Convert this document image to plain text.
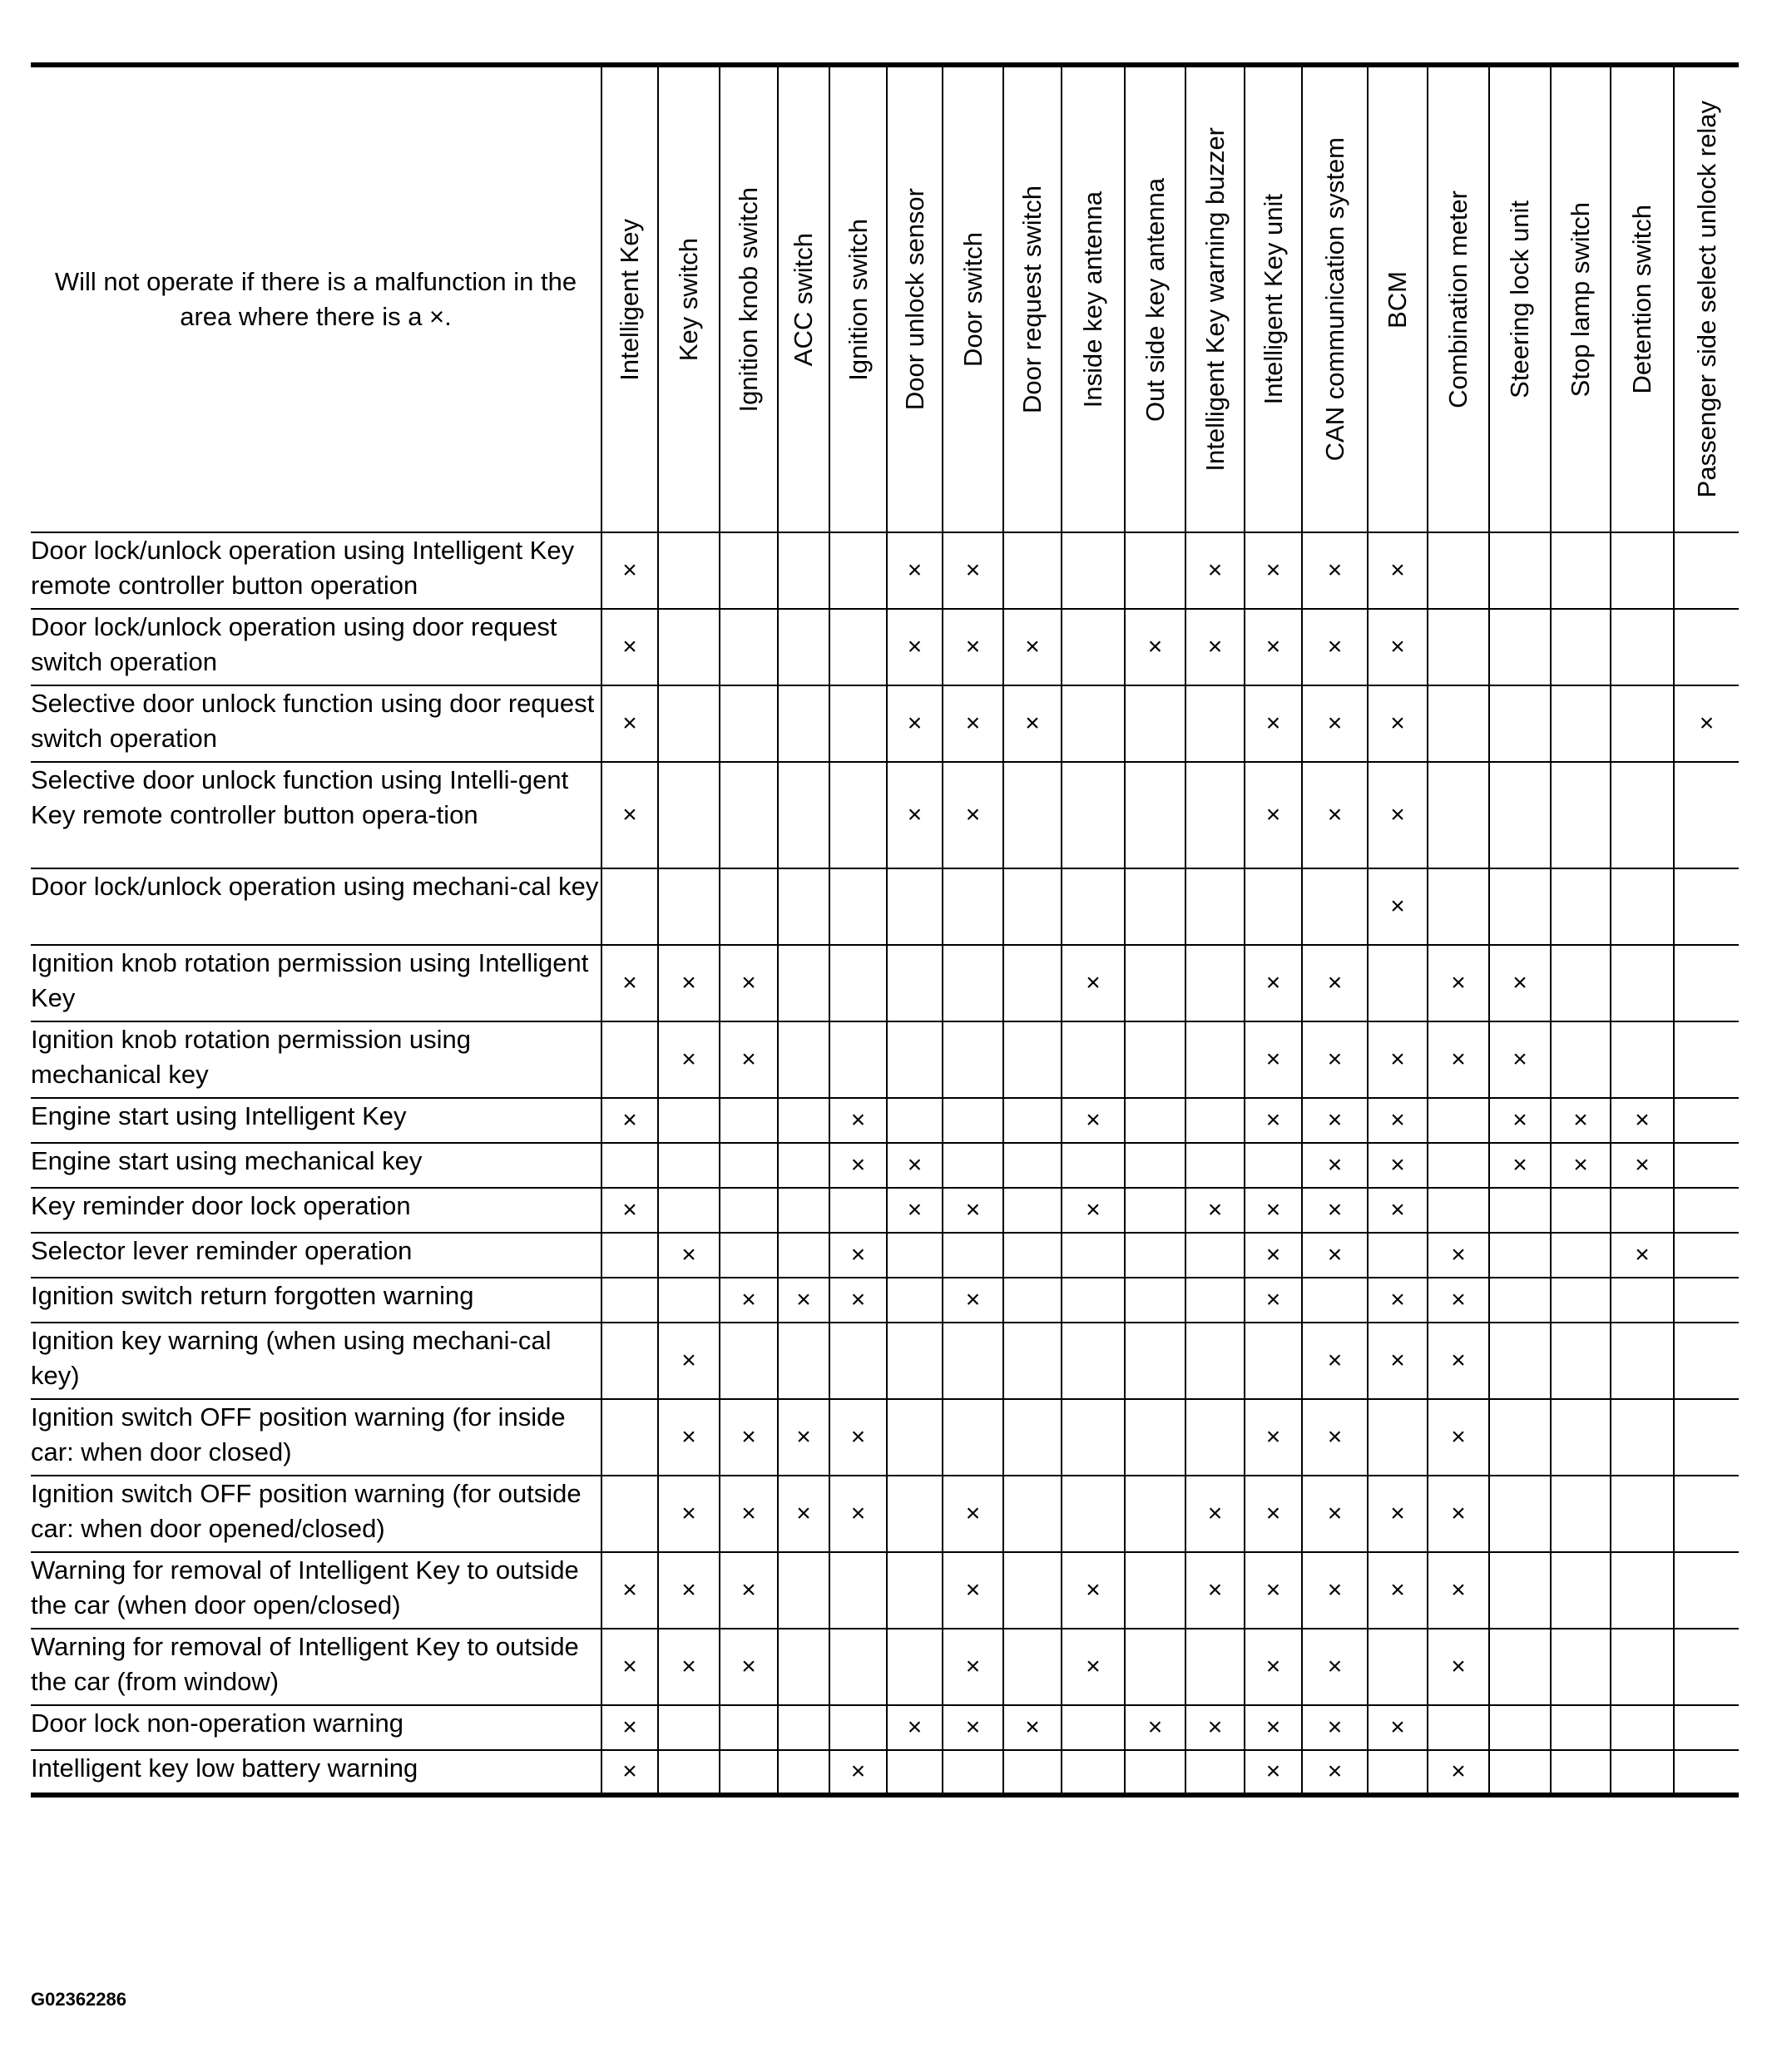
Will not operate if there is a malfunction in the area where there is a ×.	Intelligent Key	Key switch	Ignition knob switch	ACC switch	Ignition switch	Door unlock sensor	Door switch	Door request switch	Inside key antenna	Out side key antenna	Intelligent Key warning buzzer	Intelligent Key unit	CAN communication system	BCM	Combination meter	Steering lock unit	Stop lamp switch	Detention switch	Passenger side select unlock relay

Door lock/unlock operation using Intelligent Key remote controller button operation	×					×	×				×	×	×	×					
Door lock/unlock operation using door request switch operation	×					×	×	×		×	×	×	×	×					
Selective door unlock function using door request switch operation	×					×	×	×				×	×	×					×
Selective door unlock function using Intelli-gent Key remote controller button opera-tion	×					×	×					×	×	×					
Door lock/unlock operation using mechani-cal key														×					
Ignition knob rotation permission using Intelligent Key	×	×	×						×			×	×		×	×			
Ignition knob rotation permission using mechanical key		×	×									×	×	×	×	×			
Engine start using Intelligent Key	×				×				×			×	×	×		×	×	×	
Engine start using mechanical key					×	×							×	×		×	×	×	
Key reminder door lock operation	×					×	×		×		×	×	×	×					
Selector lever reminder operation		×			×							×	×		×			×	
Ignition switch return forgotten warning			×	×	×		×					×		×	×				
Ignition key warning (when using mechani-cal key)		×											×	×	×				
Ignition switch OFF position warning (for inside car: when door closed)		×	×	×	×							×	×		×				
Ignition switch OFF position warning (for outside car: when door opened/closed)		×	×	×	×		×				×	×	×	×	×				
Warning for removal of Intelligent Key to outside the car (when door open/closed)	×	×	×				×		×		×	×	×	×	×				
Warning for removal of Intelligent Key to outside the car (from window)	×	×	×				×		×			×	×		×				
Door lock non-operation warning	×					×	×	×		×	×	×	×	×					
Intelligent key low battery warning	×				×							×	×		×				
G02362286
